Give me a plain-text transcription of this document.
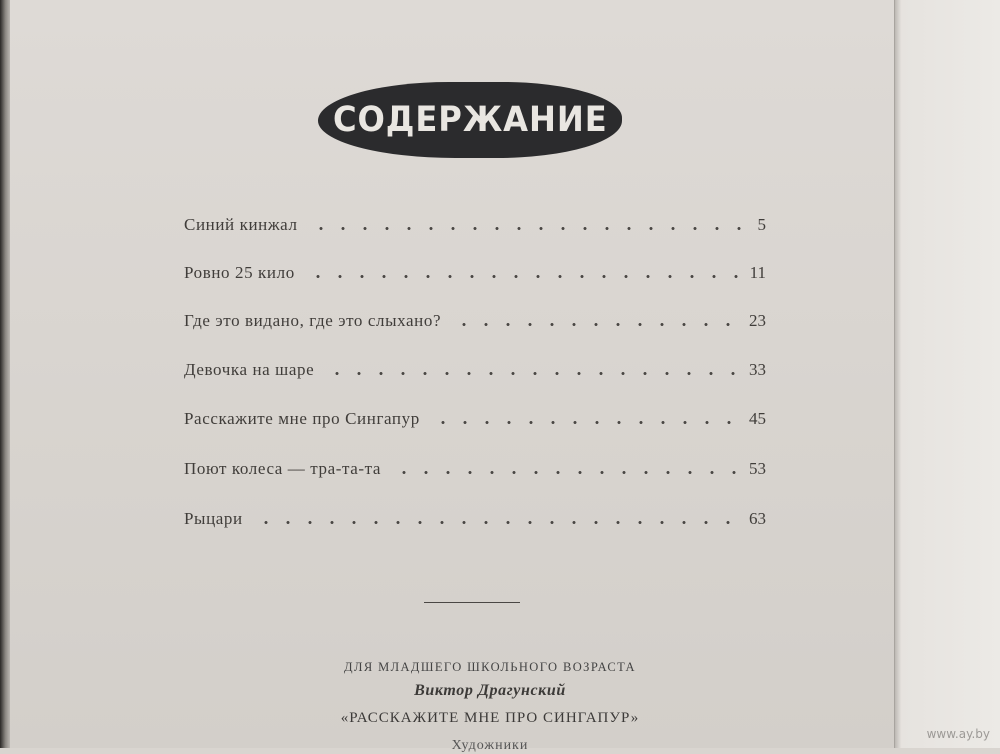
СОДЕРЖАНИЕ
Синий кинжал	5
Ровно 25 кило	11
Где это видано, где это слыхано?	23
Девочка на шаре	33
Расскажите мне про Сингапур	45
Поют колеса — тра-та-та	53
Рыцари	63
ДЛЯ МЛАДШЕГО ШКОЛЬНОГО ВОЗРАСТА
Виктор Драгунский
«РАССКАЖИТЕ МНЕ ПРО СИНГАПУР»
Художники
www.ay.by
